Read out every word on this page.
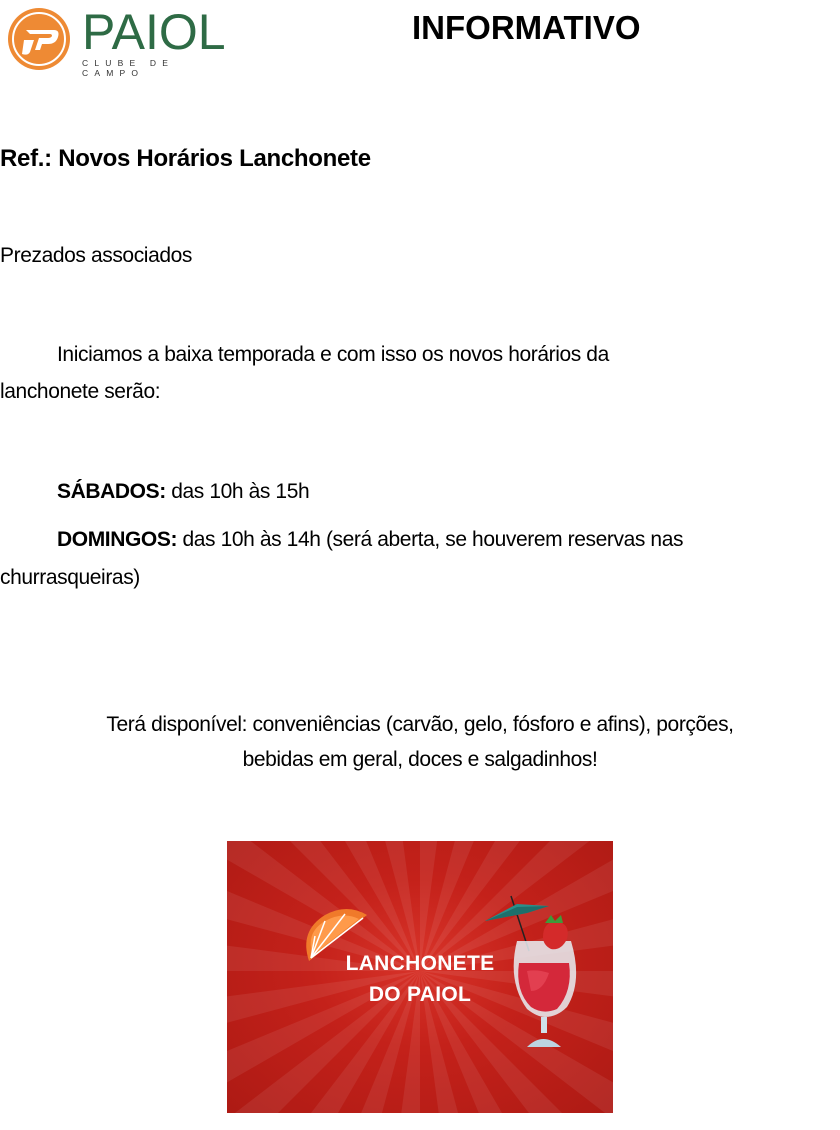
PAIOL
CLUBE DE CAMPO
INFORMATIVO
Ref.: Novos Horários Lanchonete
Prezados associados
Iniciamos a baixa temporada e com isso os novos horários da
lanchonete serão:
SÁBADOS: das 10h às 15h
DOMINGOS: das 10h às 14h (será aberta, se houverem reservas nas
churrasqueiras)
Terá disponível: conveniências (carvão, gelo, fósforo e afins), porções,
bebidas em geral, doces e salgadinhos!
LANCHONETE
DO PAIOL
